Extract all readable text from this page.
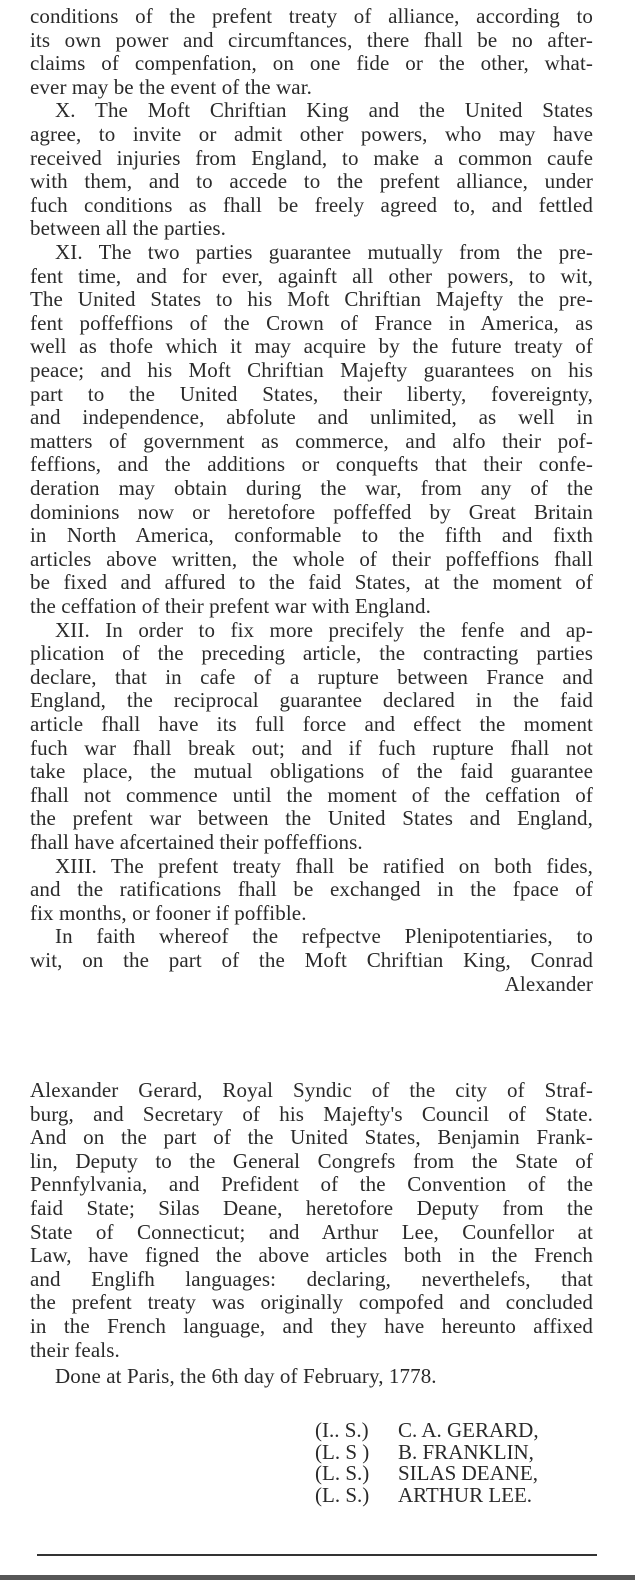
conditions of the prefent treaty of alliance, according to
its own power and circumftances, there fhall be no after-
claims of compenfation, on one fide or the other, what-
ever may be the event of the war.
X. The Moft Chriftian King and the United States
agree, to invite or admit other powers, who may have
received injuries from England, to make a common caufe
with them, and to accede to the prefent alliance, under
fuch conditions as fhall be freely agreed to, and fettled
between all the parties.
XI. The two parties guarantee mutually from the pre-
fent time, and for ever, againft all other powers, to wit,
The United States to his Moft Chriftian Majefty the pre-
fent poffeffions of the Crown of France in America, as
well as thofe which it may acquire by the future treaty of
peace; and his Moft Chriftian Majefty guarantees on his
part to the United States, their liberty, fovereignty,
and independence, abfolute and unlimited, as well in
matters of government as commerce, and alfo their pof-
feffions, and the additions or conquefts that their confe-
deration may obtain during the war, from any of the
dominions now or heretofore poffeffed by Great Britain
in North America, conformable to the fifth and fixth
articles above written, the whole of their poffeffions fhall
be fixed and affured to the faid States, at the moment of
the ceffation of their prefent war with England.
XII. In order to fix more precifely the fenfe and ap-
plication of the preceding article, the contracting parties
declare, that in cafe of a rupture between France and
England, the reciprocal guarantee declared in the faid
article fhall have its full force and effect the moment
fuch war fhall break out; and if fuch rupture fhall not
take place, the mutual obligations of the faid guarantee
fhall not commence until the moment of the ceffation of
the prefent war between the United States and England,
fhall have afcertained their poffeffions.
XIII. The prefent treaty fhall be ratified on both fides,
and the ratifications fhall be exchanged in the fpace of
fix months, or fooner if poffible.
In faith whereof the refpectve Plenipotentiaries, to
wit, on the part of the Moft Chriftian King, Conrad
Alexander
Alexander Gerard, Royal Syndic of the city of Straf-
burg, and Secretary of his Majefty's Council of State.
And on the part of the United States, Benjamin Frank-
lin, Deputy to the General Congrefs from the State of
Pennfylvania, and Prefident of the Convention of the
faid State; Silas Deane, heretofore Deputy from the
State of Connecticut; and Arthur Lee, Counfellor at
Law, have figned the above articles both in the French
and Englifh languages: declaring, neverthelefs, that
the prefent treaty was originally compofed and concluded
in the French language, and they have hereunto affixed
their feals.
Done at Paris, the 6th day of February, 1778.
(I.. S.)	C. A. GERARD,
(L. S )	B. FRANKLIN,
(L. S.)	SILAS DEANE,
(L. S.)	ARTHUR LEE.
